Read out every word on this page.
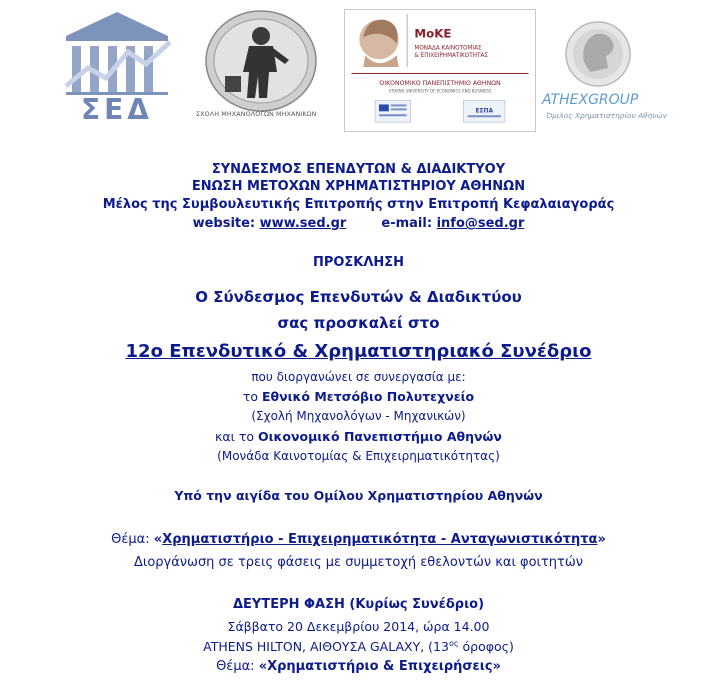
ΣΕΔ	ΣΧΟΛΗ ΜΗΧΑΝΟΛΟΓΩΝ ΜΗΧΑΝΙΚΩΝ
MoKE
ΜΟΝΑΔΑ ΚΑΙΝΟΤΟΜΙΑΣ
& ΕΠΙΧΕΙΡΗΜΑΤΙΚΟΤΗΤΑΣ
ΟΙΚΟΝΟΜΙΚΟ ΠΑΝΕΠΙΣΤΗΜΙΟ ΑΘΗΝΩΝ
ATHENS UNIVERSITY OF ECONOMICS AND BUSINESS
ΕΣΠΑ
ATHEXGROUP
Όμιλος Χρηματιστηρίου Αθηνών
ΣΥΝΔΕΣΜΟΣ ΕΠΕΝΔΥΤΩΝ & ΔΙΑΔΙΚΤΥΟΥ
ΕΝΩΣΗ ΜΕΤΟΧΩΝ ΧΡΗΜΑΤΙΣΤΗΡΙΟΥ ΑΘΗΝΩΝ
Μέλος της Συμβουλευτικής Επιτροπής στην Επιτροπή Κεφαλαιαγοράς
website: www.sed.gr	e-mail: info@sed.gr
ΠΡΟΣΚΛΗΣΗ
Ο Σύνδεσμος Επενδυτών & Διαδικτύου
σας προσκαλεί στο
12ο Επενδυτικό & Χρηματιστηριακό Συνέδριο
που διοργανώνει σε συνεργασία με:
το Εθνικό Μετσόβιο Πολυτεχνείο
(Σχολή Μηχανολόγων - Μηχανικών)
και το Οικονομικό Πανεπιστήμιο Αθηνών
(Μονάδα Καινοτομίας & Επιχειρηματικότητας)
Υπό την αιγίδα του Ομίλου Χρηματιστηρίου Αθηνών
Θέμα: «Χρηματιστήριο - Επιχειρηματικότητα - Ανταγωνιστικότητα»
Διοργάνωση σε τρεις φάσεις με συμμετοχή εθελοντών και φοιτητών
ΔΕΥΤΕΡΗ ΦΑΣΗ (Κυρίως Συνέδριο)
Σάββατο 20 Δεκεμβρίου 2014, ώρα 14.00
ATHENS HILTON, ΑΙΘΟΥΣΑ GALAXY, ($13^{o\varsigma}$ όροφος)
Θέμα: «Χρηματιστήριο & Επιχειρήσεις»
